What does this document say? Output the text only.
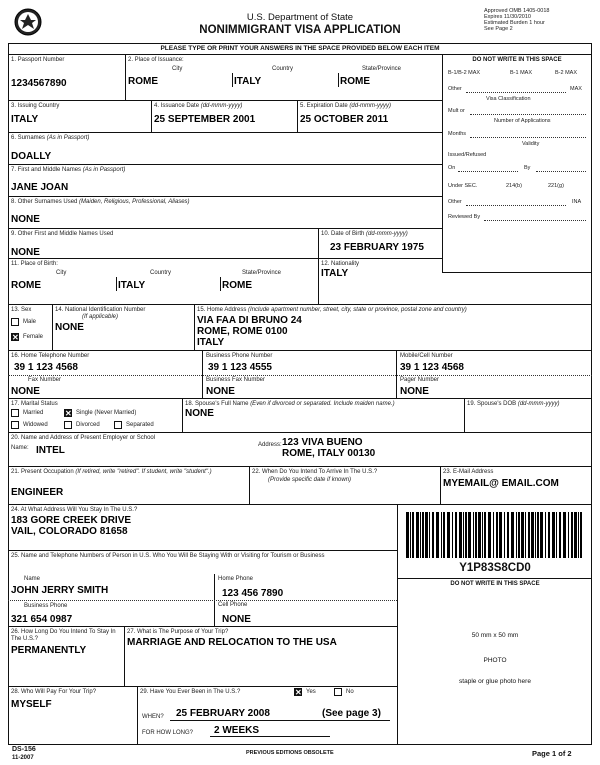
U.S. Department of State
NONIMMIGRANT VISA APPLICATION
Approved OMB 1405-0018
Expires 11/30/2010
Estimated Burden 1 hour
See Page 2
PLEASE TYPE OR PRINT YOUR ANSWERS IN THE SPACE PROVIDED BELOW EACH ITEM
DO NOT WRITE IN THIS SPACE
B-1/B-2 MAX	B-1 MAX	B-2 MAX
Other	MAX
Visa Classification
Mult or
Number of Applications
Months
Validity
Issued/Refused
On	By
Under SEC.	214(b)	221(g)
Other	INA
Reviewed By
1. Passport Number
1234567890
2. Place of Issuance:
City	Country	State/Province
ROME	ITALY	ROME
3. Issuing Country
ITALY
4. Issuance Date (dd-mmm-yyyy)
25 SEPTEMBER 2001
5. Expiration Date (dd-mmm-yyyy)
25 OCTOBER 2011
6. Surnames (As in Passport)
DOALLY
7. First and Middle Names (As in Passport)
JANE JOAN
8. Other Surnames Used (Maiden, Religious, Professional, Aliases)
NONE
9. Other First and Middle Names Used
NONE
10. Date of Birth (dd-mmm-yyyy)
23 FEBRUARY 1975
11. Place of Birth:
City	Country	State/Province
ROME	ITALY	ROME
12. Nationality
ITALY
13. Sex
Male
✕ Female
14. National Identification Number
(If applicable)
NONE
15. Home Address (Include apartment number, street, city, state or province, postal zone and country)
VIA FAA DI BRUNO 24
ROME, ROME 0100
ITALY
16. Home Telephone Number
39 1 123 4568
Business Phone Number
39 1 123 4555
Mobile/Cell Number
39 1 123 4568
Fax Number
NONE
Business Fax Number
NONE
Pager Number
NONE
17. Marital Status
Married	✕ Single (Never Married)
Widowed	Divorced	Separated
18. Spouse's Full Name (Even if divorced or separated. Include maiden name.)
NONE
19. Spouse's DOB (dd-mmm-yyyy)
20. Name and Address of Present Employer or School
Name: INTEL	Address: 123 VIVA BUENO
ROME, ITALY 00130
21. Present Occupation (If retired, write "retired". If student, write "student".)
ENGINEER
22. When Do You Intend To Arrive In The U.S.?
(Provide specific date if known)
23. E-Mail Address
MYEMAIL@ EMAIL.COM
24. At What Address Will You Stay In The U.S.?
183 GORE CREEK DRIVE
VAIL, COLORADO 81658
25. Name and Telephone Numbers of Person in U.S. Who You Will Be Staying With or Visiting for Tourism or Business
Name
JOHN JERRY SMITH
Home Phone
123 456 7890
Business Phone
321 654 0987
Cell Phone
NONE
26. How Long Do You Intend To Stay In The U.S.?
PERMANENTLY
27. What is The Purpose of Your Trip?
MARRIAGE AND RELOCATION TO THE USA
28. Who Will Pay For Your Trip?
MYSELF
29. Have You Ever Been in The U.S.?	✕ Yes	No
WHEN? 25 FEBRUARY 2008	(See page 3)
FOR HOW LONG? 2 WEEKS
Y1P83S8CD0
DO NOT WRITE IN THIS SPACE
50 mm x 50 mm
PHOTO
staple or glue photo here
DS-156
11-2007
PREVIOUS EDITIONS OBSOLETE	Page 1 of 2
